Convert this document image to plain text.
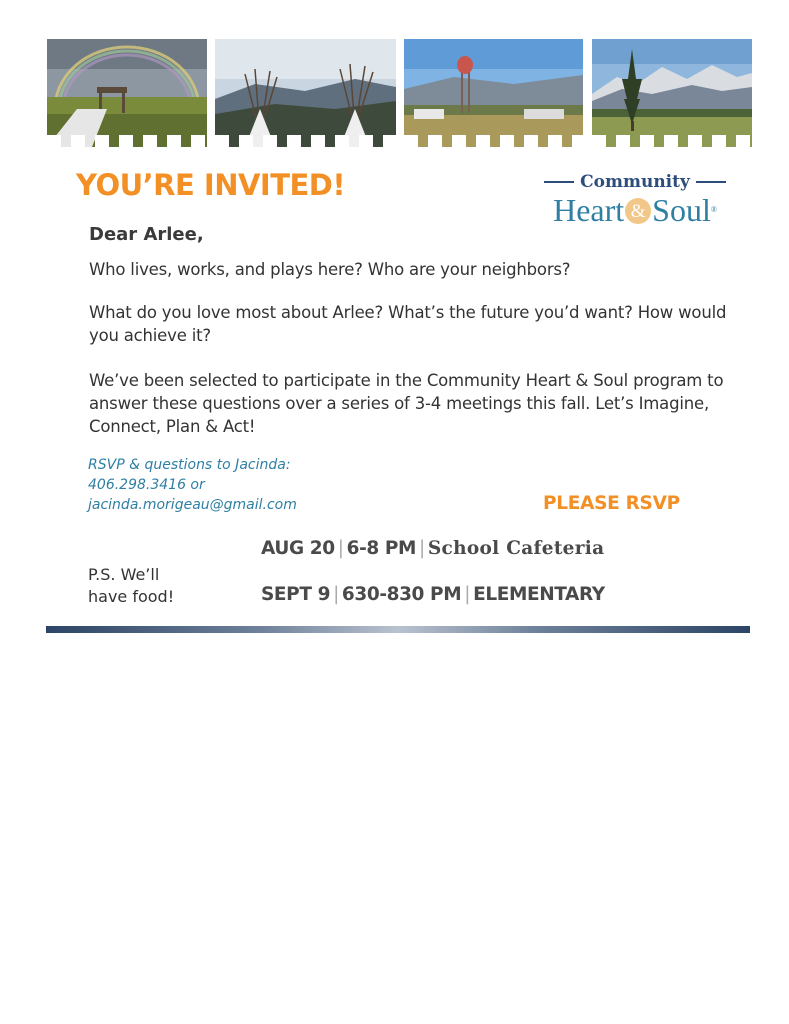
YOU’RE INVITED!	Community
Heart & Soul ®
Dear Arlee,
Who lives, works, and plays here? Who are your neighbors?
What do you love most about Arlee? What’s the future you’d want? How would you achieve it?
We’ve been selected to participate in the Community Heart & Soul program to answer these questions over a series of 3-4 meetings this fall. Let’s Imagine, Connect, Plan & Act!
RSVP & questions to Jacinda:
406.298.3416 or
jacinda.morigeau@gmail.com	PLEASE RSVP
P.S. We’ll
have food!
AUG 20 | 6-8 PM | School Cafeteria
SEPT 9 | 630-830 PM | ELEMENTARY
